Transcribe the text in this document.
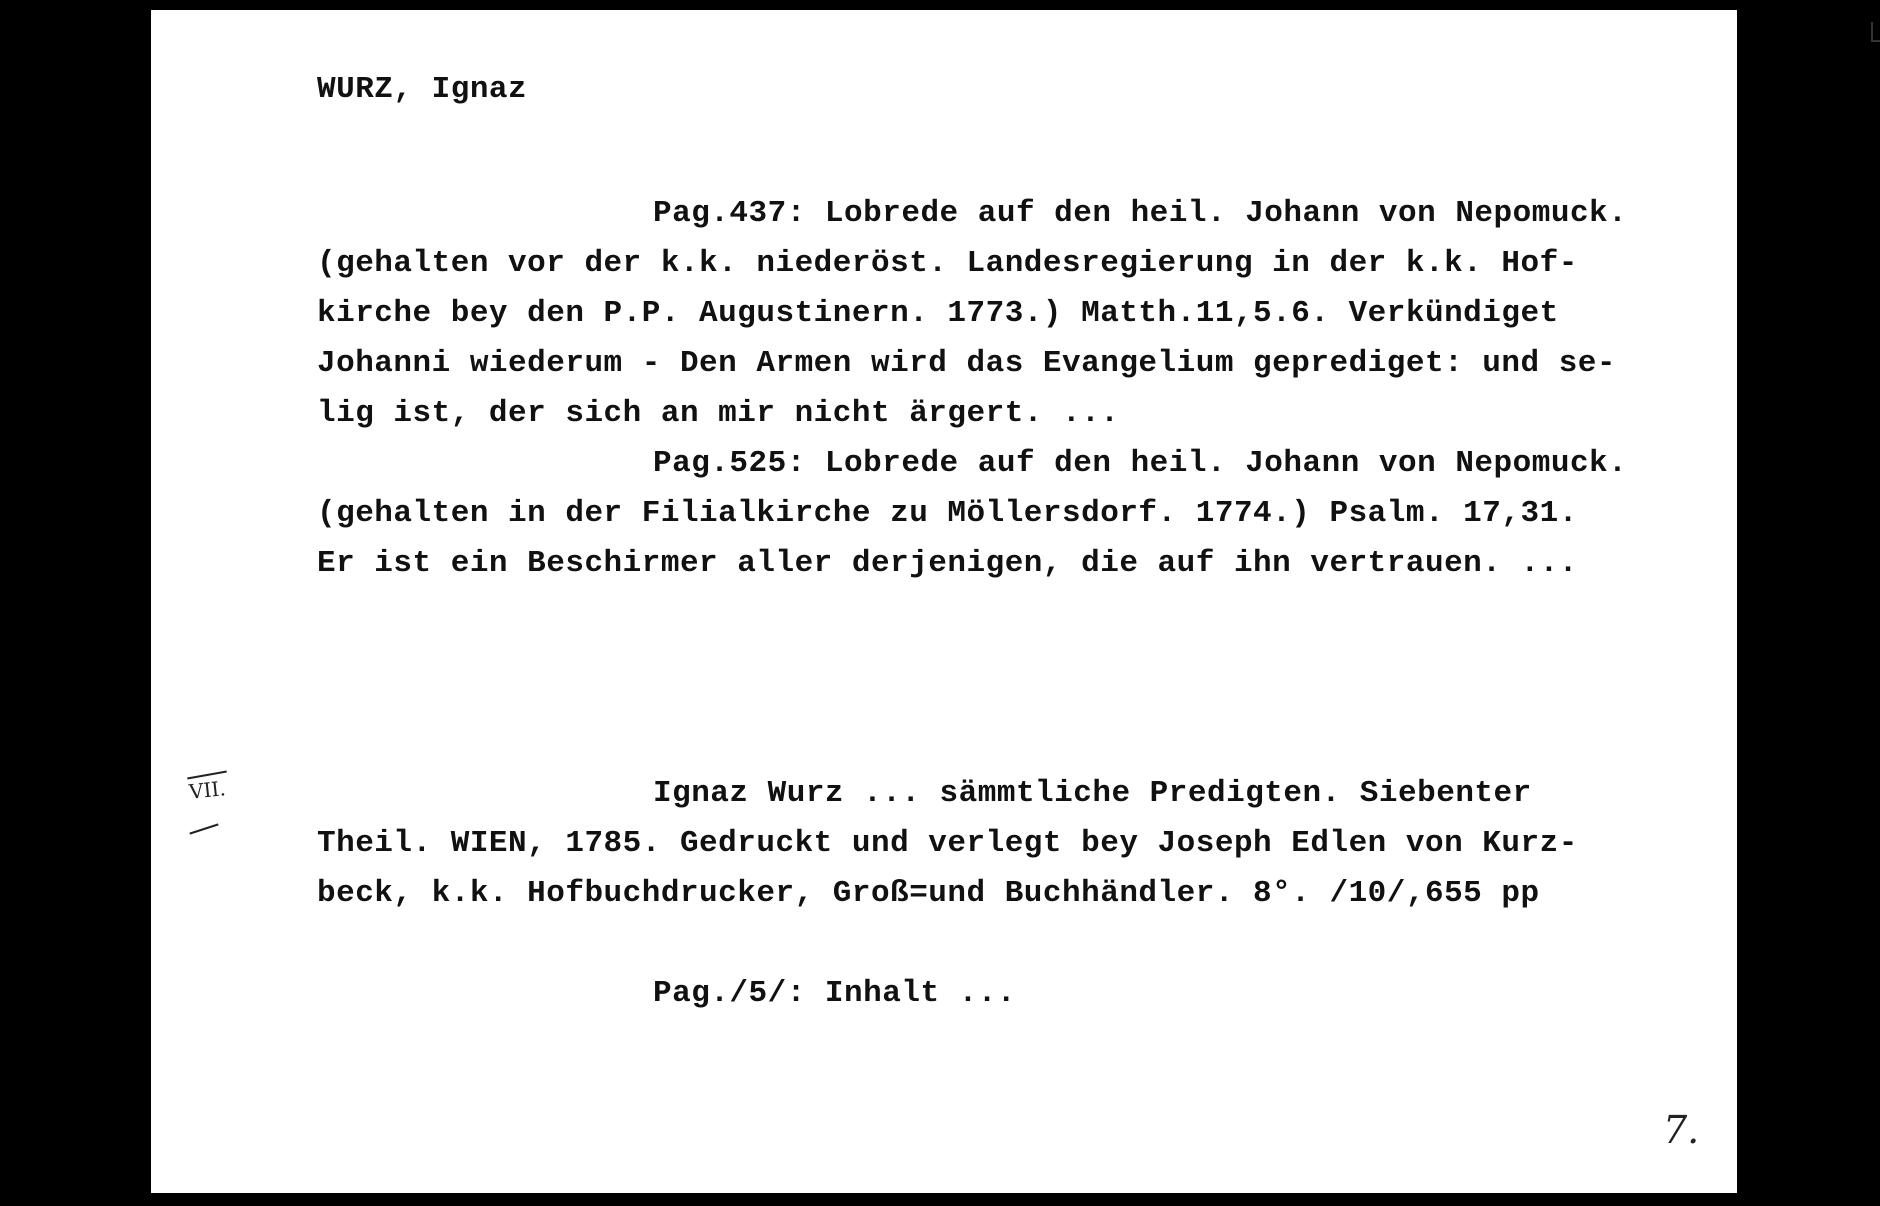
WURZ, Ignaz
Pag.437: Lobrede auf den heil. Johann von Nepomuck.
(gehalten vor der k.k. niederöst. Landesregierung in der k.k. Hof-
kirche bey den P.P. Augustinern. 1773.) Matth.11,5.6. Verkündiget
Johanni wiederum - Den Armen wird das Evangelium geprediget: und se-
lig ist, der sich an mir nicht ärgert. ...
Pag.525: Lobrede auf den heil. Johann von Nepomuck.
(gehalten in der Filialkirche zu Möllersdorf. 1774.) Psalm. 17,31.
Er ist ein Beschirmer aller derjenigen, die auf ihn vertrauen. ...
VII.	Ignaz Wurz ... sämmtliche Predigten. Siebenter
Theil. WIEN, 1785. Gedruckt und verlegt bey Joseph Edlen von Kurz-
beck, k.k. Hofbuchdrucker, Groß=und Buchhändler. 8°. /10/,655 pp
Pag./5/: Inhalt ...
7.
